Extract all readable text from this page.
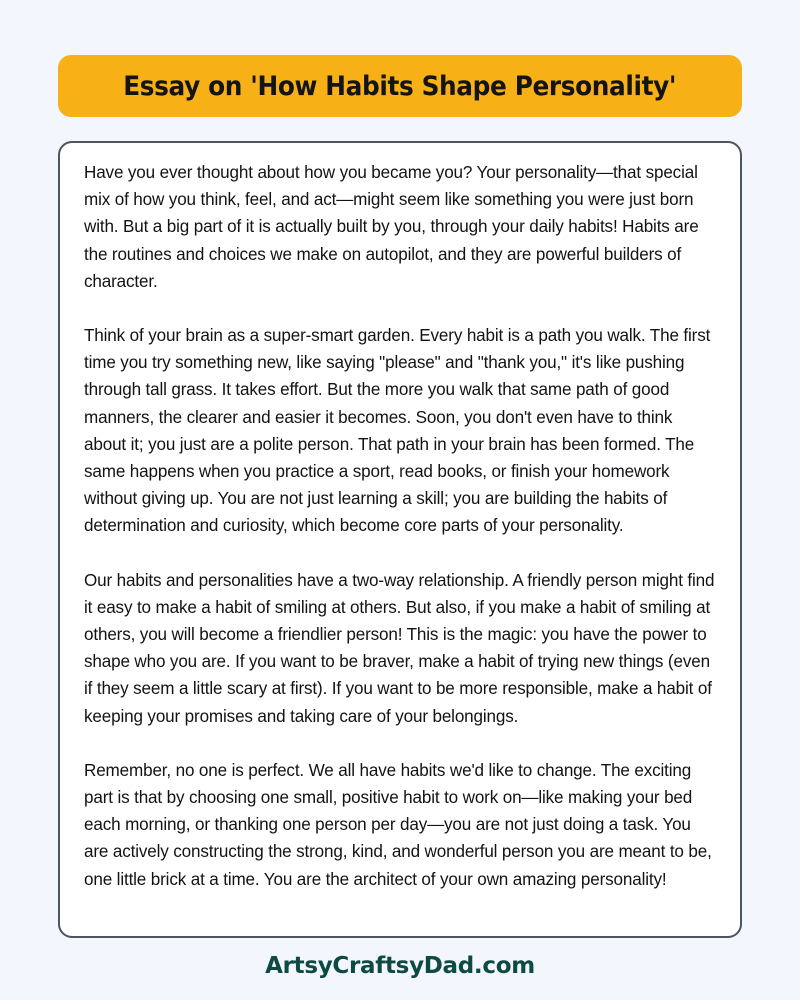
Essay on 'How Habits Shape Personality'

Have you ever thought about how you became you? Your personality—that special mix of how you think, feel, and act—might seem like something you were just born with. But a big part of it is actually built by you, through your daily habits! Habits are the routines and choices we make on autopilot, and they are powerful builders of character.

Think of your brain as a super-smart garden. Every habit is a path you walk. The first time you try something new, like saying "please" and "thank you," it's like pushing through tall grass. It takes effort. But the more you walk that same path of good manners, the clearer and easier it becomes. Soon, you don't even have to think about it; you just are a polite person. That path in your brain has been formed. The same happens when you practice a sport, read books, or finish your homework without giving up. You are not just learning a skill; you are building the habits of determination and curiosity, which become core parts of your personality.

Our habits and personalities have a two-way relationship. A friendly person might find it easy to make a habit of smiling at others. But also, if you make a habit of smiling at others, you will become a friendlier person! This is the magic: you have the power to shape who you are. If you want to be braver, make a habit of trying new things (even if they seem a little scary at first). If you want to be more responsible, make a habit of keeping your promises and taking care of your belongings.

Remember, no one is perfect. We all have habits we'd like to change. The exciting part is that by choosing one small, positive habit to work on—like making your bed each morning, or thanking one person per day—you are not just doing a task. You are actively constructing the strong, kind, and wonderful person you are meant to be, one little brick at a time. You are the architect of your own amazing personality!

ArtsyCraftsyDad.com
